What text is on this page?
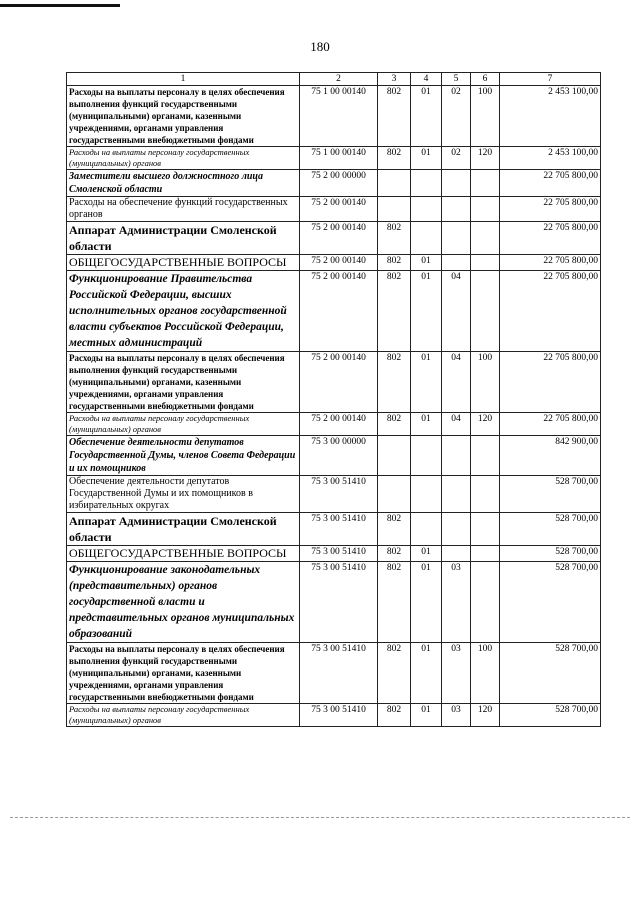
180
1	2	3	4	5	6	7

Расходы на выплаты персоналу в целях обеспечения выполнения функций государственными (муниципальными) органами, казенными учреждениями, органами управления государственными внебюджетными фондами	75 1 00 00140	802	01	02	100	2 453 100,00

Расходы на выплаты персоналу государственных (муниципальных) органов	75 1 00 00140	802	01	02	120	2 453 100,00

Заместители высшего должностного лица Смоленской области	75 2 00 00000					22 705 800,00

Расходы на обеспечение функций государственных органов	75 2 00 00140					22 705 800,00

Аппарат Администрации Смоленской области	75 2 00 00140	802				22 705 800,00

ОБЩЕГОСУДАРСТВЕННЫЕ ВОПРОСЫ	75 2 00 00140	802	01			22 705 800,00

Функционирование Правительства Российской Федерации, высших исполнительных органов государственной власти субъектов Российской Федерации, местных администраций	75 2 00 00140	802	01	04		22 705 800,00

Расходы на выплаты персоналу в целях обеспечения выполнения функций государственными (муниципальными) органами, казенными учреждениями, органами управления государственными внебюджетными фондами	75 2 00 00140	802	01	04	100	22 705 800,00

Расходы на выплаты персоналу государственных (муниципальных) органов	75 2 00 00140	802	01	04	120	22 705 800,00

Обеспечение деятельности депутатов Государственной Думы, членов Совета Федерации и их помощников	75 3 00 00000					842 900,00

Обеспечение деятельности депутатов Государственной Думы и их помощников в избирательных округах	75 3 00 51410					528 700,00

Аппарат Администрации Смоленской области	75 3 00 51410	802				528 700,00

ОБЩЕГОСУДАРСТВЕННЫЕ ВОПРОСЫ	75 3 00 51410	802	01			528 700,00

Функционирование законодательных (представительных) органов государственной власти и представительных органов муниципальных образований	75 3 00 51410	802	01	03		528 700,00

Расходы на выплаты персоналу в целях обеспечения выполнения функций государственными (муниципальными) органами, казенными учреждениями, органами управления государственными внебюджетными фондами	75 3 00 51410	802	01	03	100	528 700,00

Расходы на выплаты персоналу государственных (муниципальных) органов	75 3 00 51410	802	01	03	120	528 700,00
